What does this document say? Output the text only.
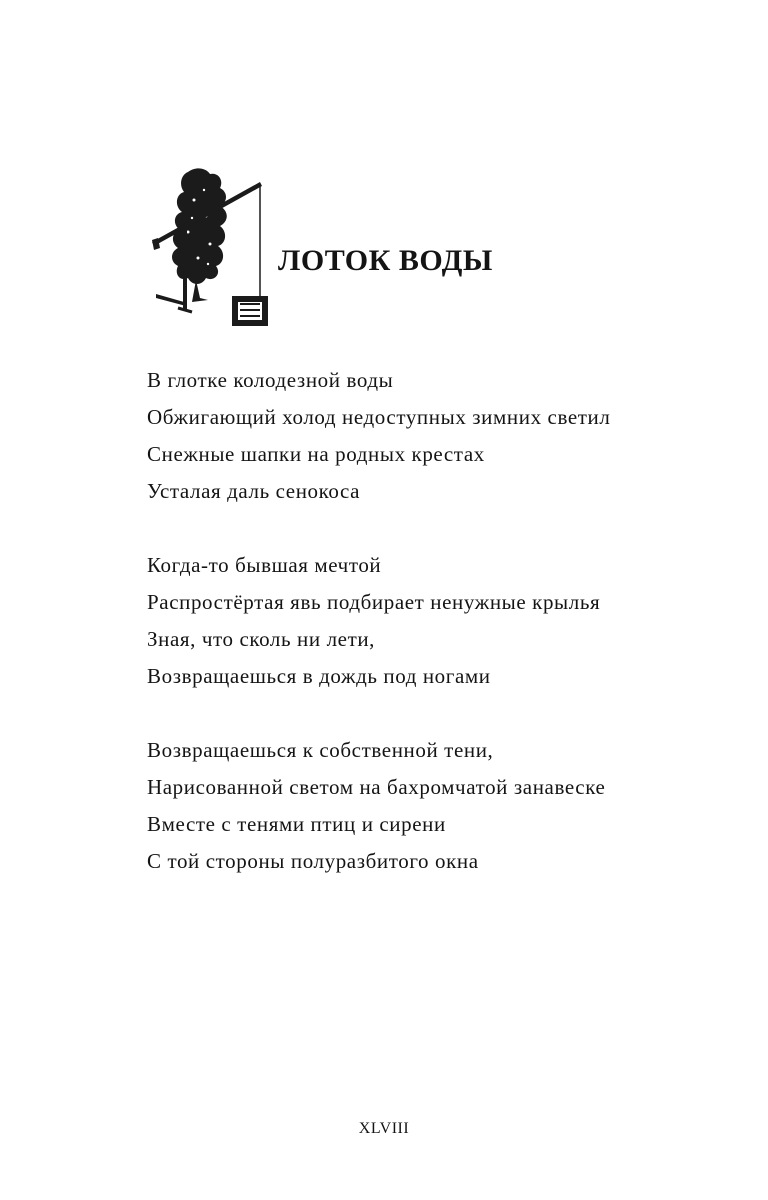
ЛОТОК ВОДЫ
В глотке колодезной воды
Обжигающий холод недоступных зимних светил
Снежные шапки на родных крестах
Усталая даль сенокоса
Когда-то бывшая мечтой
Распростёртая явь подбирает ненужные крылья
Зная, что сколь ни лети,
Возвращаешься в дождь под ногами
Возвращаешься к собственной тени,
Нарисованной светом на бахромчатой занавеске
Вместе с тенями птиц и сирени
С той стороны полуразбитого окна
XLVIII
